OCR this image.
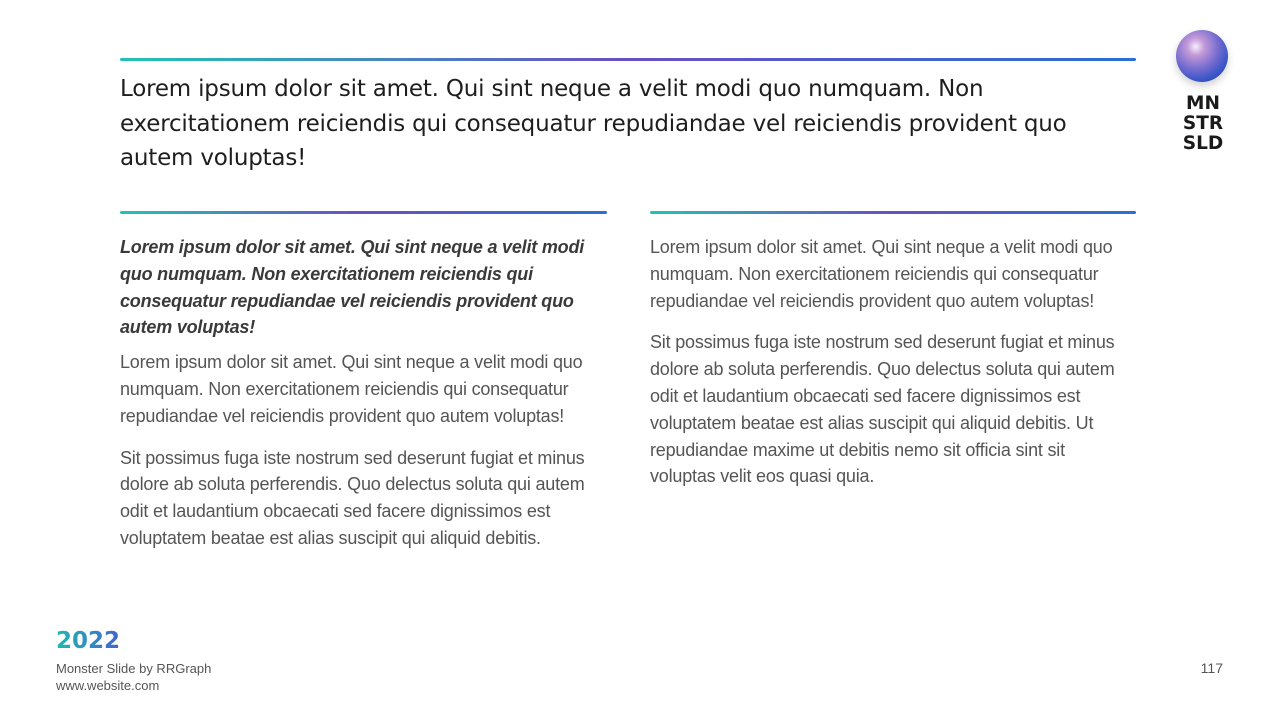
Lorem ipsum dolor sit amet. Qui sint neque a velit modi quo numquam. Non exercitationem reiciendis qui consequatur repudiandae vel reiciendis provident quo autem voluptas!

Lorem ipsum dolor sit amet. Qui sint neque a velit modi quo numquam. Non exercitationem reiciendis qui consequatur repudiandae vel reiciendis provident quo autem voluptas!

Lorem ipsum dolor sit amet. Qui sint neque a velit modi quo numquam. Non exercitationem reiciendis qui consequatur repudiandae vel reiciendis provident quo autem voluptas!

Sit possimus fuga iste nostrum sed deserunt fugiat et minus dolore ab soluta perferendis. Quo delectus soluta qui autem odit et laudantium obcaecati sed facere dignissimos est voluptatem beatae est alias suscipit qui aliquid debitis.

Lorem ipsum dolor sit amet. Qui sint neque a velit modi quo numquam. Non exercitationem reiciendis qui consequatur repudiandae vel reiciendis provident quo autem voluptas!

Sit possimus fuga iste nostrum sed deserunt fugiat et minus dolore ab soluta perferendis. Quo delectus soluta qui autem odit et laudantium obcaecati sed facere dignissimos est voluptatem beatae est alias suscipit qui aliquid debitis. Ut repudiandae maxime ut debitis nemo sit officia sint sit voluptas velit eos quasi quia.

MN
STR
SLD
2022
Monster Slide by RRGraph
www.website.com
117
